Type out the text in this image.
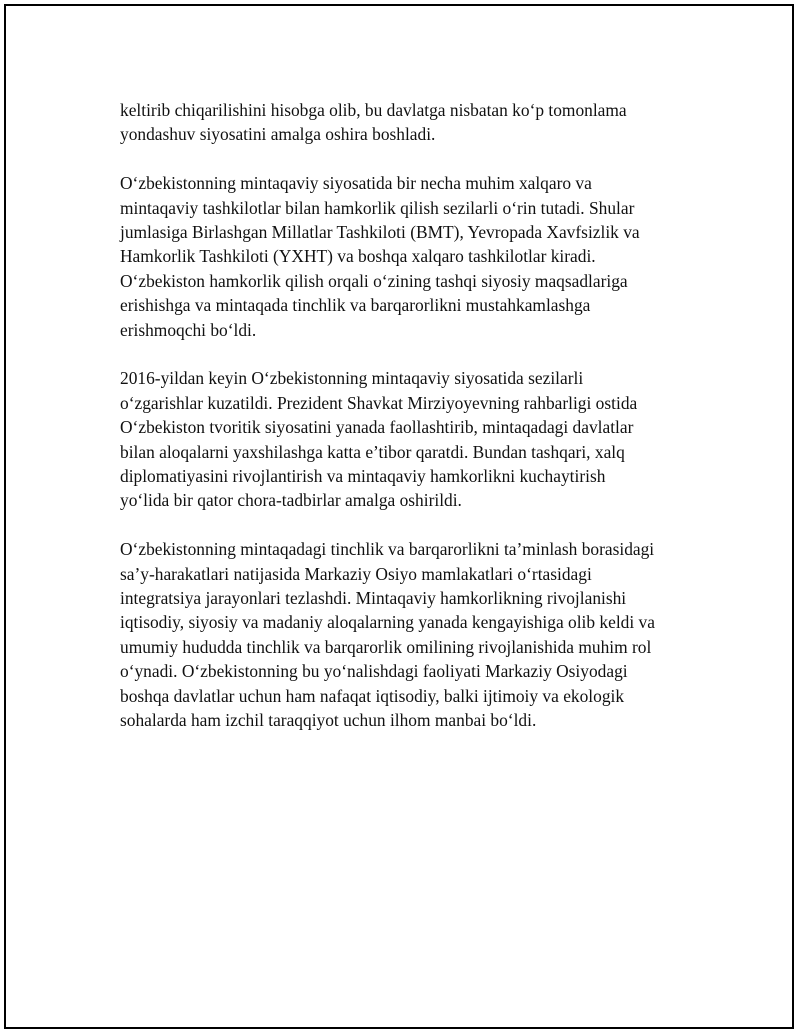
keltirib chiqarilishini hisobga olib, bu davlatga nisbatan ko‘p tomonlama
yondashuv siyosatini amalga oshira boshladi.

O‘zbekistonning mintaqaviy siyosatida bir necha muhim xalqaro va
mintaqaviy tashkilotlar bilan hamkorlik qilish sezilarli o‘rin tutadi. Shular
jumlasiga Birlashgan Millatlar Tashkiloti (BMT), Yevropada Xavfsizlik va
Hamkorlik Tashkiloti (YXHT) va boshqa xalqaro tashkilotlar kiradi.
O‘zbekiston hamkorlik qilish orqali o‘zining tashqi siyosiy maqsadlariga
erishishga va mintaqada tinchlik va barqarorlikni mustahkamlashga
erishmoqchi bo‘ldi.

2016-yildan keyin O‘zbekistonning mintaqaviy siyosatida sezilarli
o‘zgarishlar kuzatildi. Prezident Shavkat Mirziyoyevning rahbarligi ostida
O‘zbekiston tvoritik siyosatini yanada faollashtirib, mintaqadagi davlatlar
bilan aloqalarni yaxshilashga katta e’tibor qaratdi. Bundan tashqari, xalq
diplomatiyasini rivojlantirish va mintaqaviy hamkorlikni kuchaytirish
yo‘lida bir qator chora-tadbirlar amalga oshirildi.

O‘zbekistonning mintaqadagi tinchlik va barqarorlikni ta’minlash borasidagi
sa’y-harakatlari natijasida Markaziy Osiyo mamlakatlari o‘rtasidagi
integratsiya jarayonlari tezlashdi. Mintaqaviy hamkorlikning rivojlanishi
iqtisodiy, siyosiy va madaniy aloqalarning yanada kengayishiga olib keldi va
umumiy hududda tinchlik va barqarorlik omilining rivojlanishida muhim rol
o‘ynadi. O‘zbekistonning bu yo‘nalishdagi faoliyati Markaziy Osiyodagi
boshqa davlatlar uchun ham nafaqat iqtisodiy, balki ijtimoiy va ekologik
sohalarda ham izchil taraqqiyot uchun ilhom manbai bo‘ldi.
